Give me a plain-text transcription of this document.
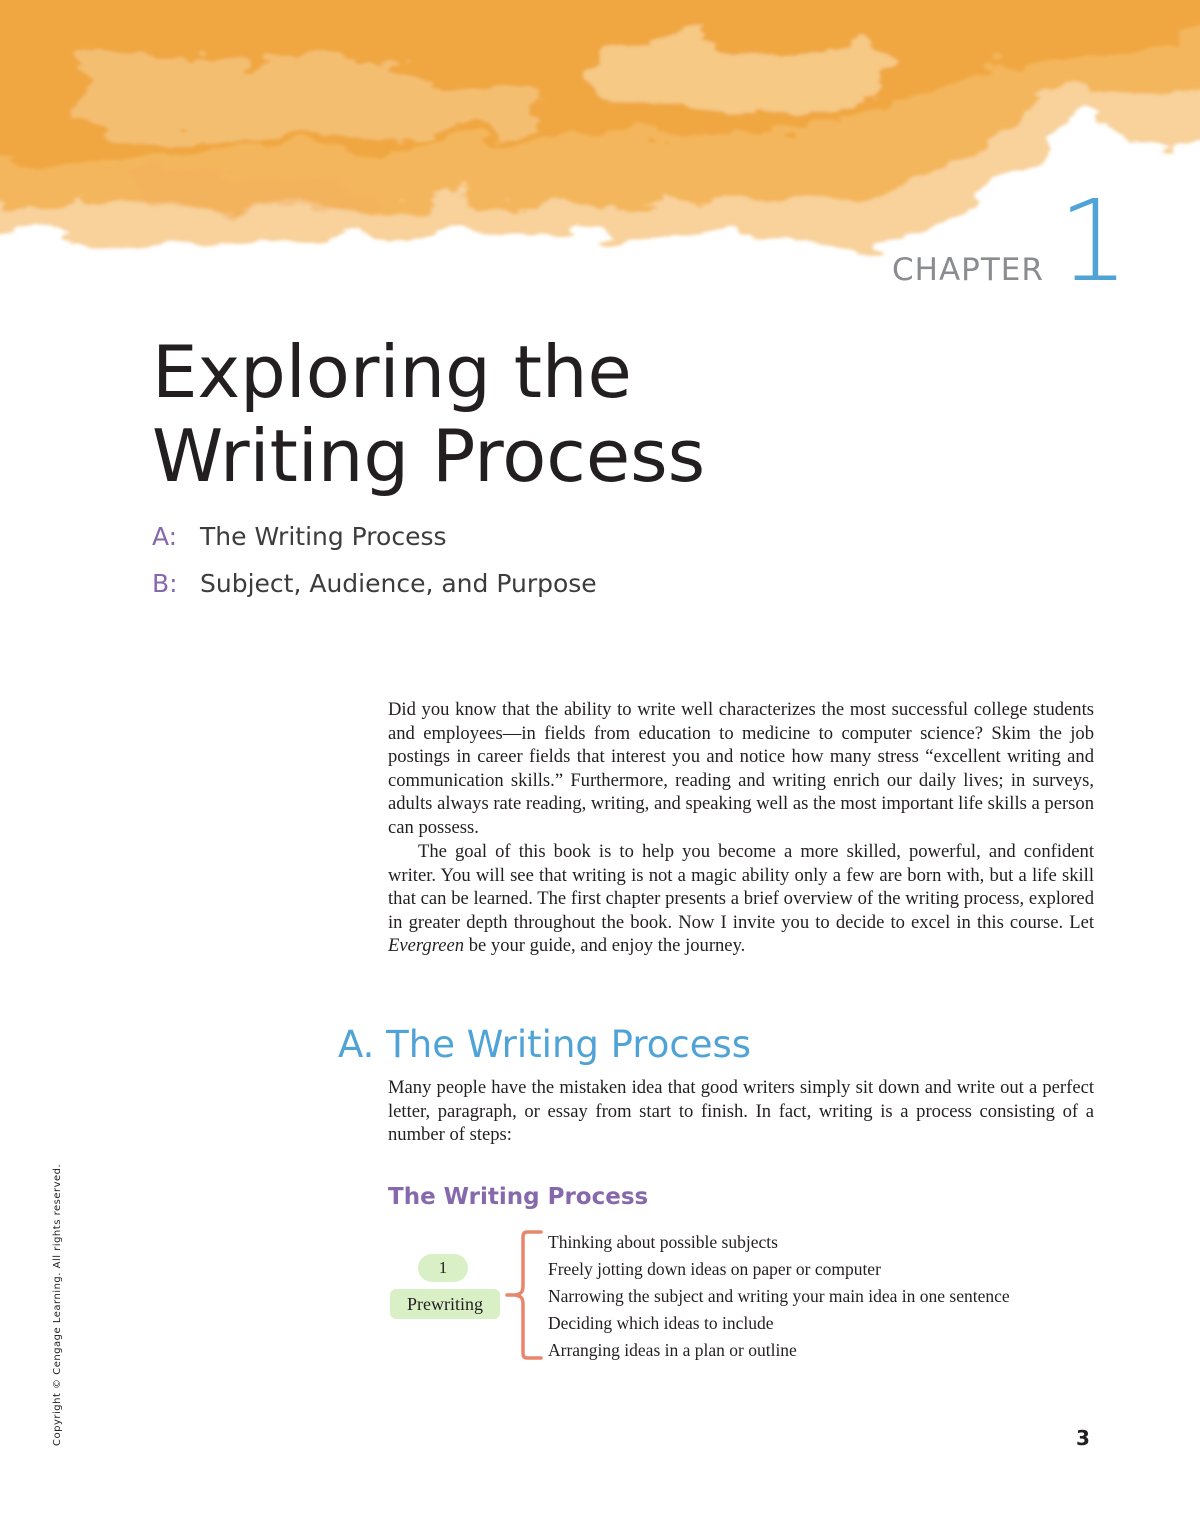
CHAPTER 1
Exploring the
Writing Process
A: The Writing Process
B: Subject, Audience, and Purpose

Did you know that the ability to write well characterizes the most successful college students and employees—in fields from education to medicine to computer science? Skim the job postings in career fields that interest you and notice how many stress “excellent writing and communication skills.” Furthermore, reading and writing enrich our daily lives; in surveys, adults always rate reading, writing, and speaking well as the most important life skills a person can possess.

The goal of this book is to help you become a more skilled, powerful, and confident writer. You will see that writing is not a magic ability only a few are born with, but a life skill that can be learned. The first chapter presents a brief overview of the writing process, explored in greater depth throughout the book. Now I invite you to decide to excel in this course. Let Evergreen be your guide, and enjoy the journey.

A. The Writing Process

Many people have the mistaken idea that good writers simply sit down and write out a perfect letter, paragraph, or essay from start to finish. In fact, writing is a process consisting of a number of steps:

The Writing Process
1
Prewriting
Thinking about possible subjects
Freely jotting down ideas on paper or computer
Narrowing the subject and writing your main idea in one sentence
Deciding which ideas to include
Arranging ideas in a plan or outline
Copyright © Cengage Learning. All rights reserved.	3
